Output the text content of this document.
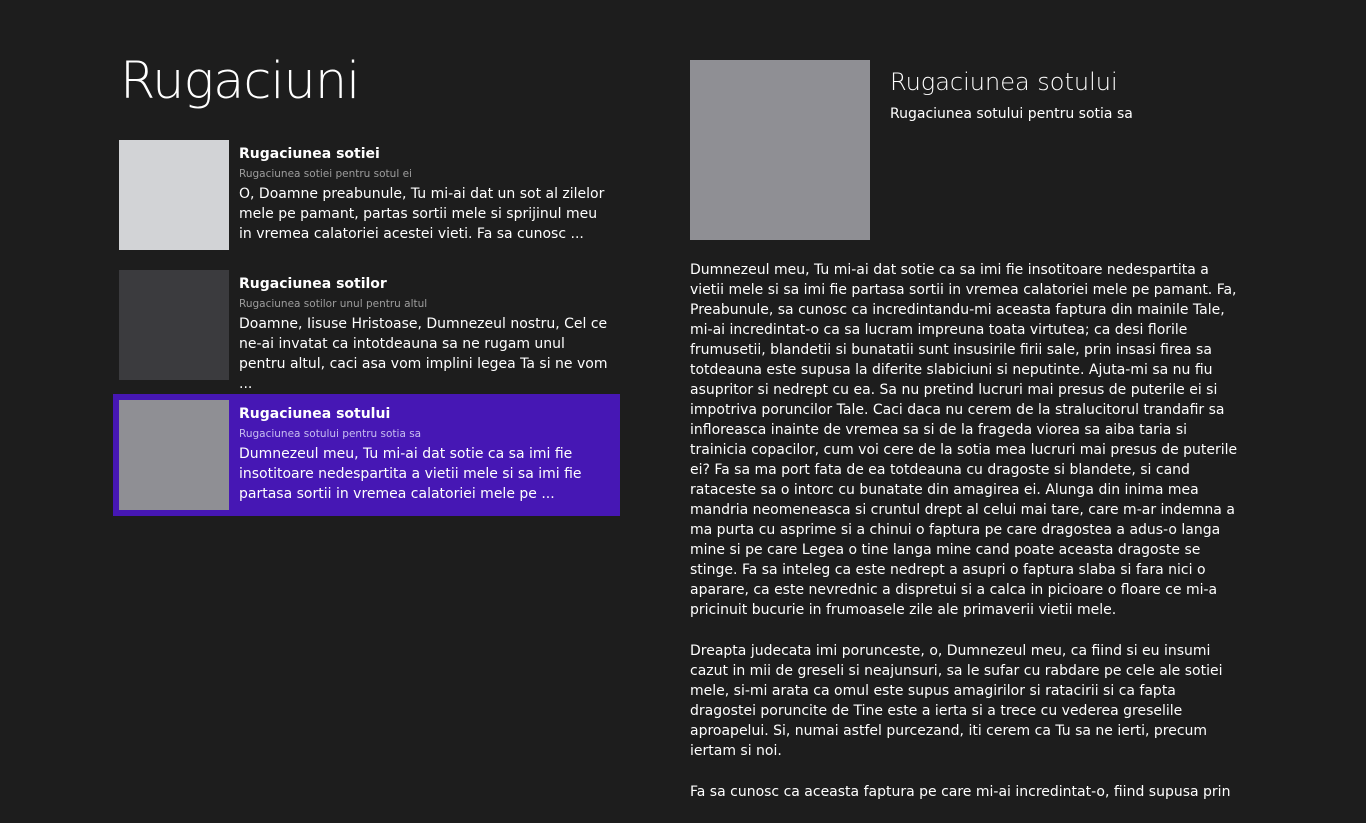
Rugaciuni
Rugaciunea sotiei
Rugaciunea sotiei pentru sotul ei
O, Doamne preabunule, Tu mi-ai dat un sot al zilelor mele pe pamant, partas sortii mele si sprijinul meu in vremea calatoriei acestei vieti. Fa sa cunosc ...
Rugaciunea sotilor
Rugaciunea sotilor unul pentru altul
Doamne, Iisuse Hristoase, Dumnezeul nostru, Cel ce ne-ai invatat ca intotdeauna sa ne rugam unul pentru altul, caci asa vom implini legea Ta si ne vom ...
Rugaciunea sotului
Rugaciunea sotului pentru sotia sa
Dumnezeul meu, Tu mi-ai dat sotie ca sa imi fie insotitoare nedespartita a vietii mele si sa imi fie partasa sortii in vremea calatoriei mele pe ...
Rugaciunea sotului
Rugaciunea sotului pentru sotia sa

Dumnezeul meu, Tu mi-ai dat sotie ca sa imi fie insotitoare nedespartita a vietii mele si sa imi fie partasa sortii in vremea calatoriei mele pe pamant. Fa, Preabunule, sa cunosc ca incredintandu-mi aceasta faptura din mainile Tale, mi-ai incredintat-o ca sa lucram impreuna toata virtutea; ca desi florile frumusetii, blandetii si bunatatii sunt insusirile firii sale, prin insasi firea sa totdeauna este supusa la diferite slabiciuni si neputinte. Ajuta-mi sa nu fiu asupritor si nedrept cu ea. Sa nu pretind lucruri mai presus de puterile ei si impotriva poruncilor Tale. Caci daca nu cerem de la stralucitorul trandafir sa infloreasca inainte de vremea sa si de la frageda viorea sa aiba taria si trainicia copacilor, cum voi cere de la sotia mea lucruri mai presus de puterile ei? Fa sa ma port fata de ea totdeauna cu dragoste si blandete, si cand rataceste sa o intorc cu bunatate din amagirea ei. Alunga din inima mea mandria neomeneasca si cruntul drept al celui mai tare, care m-ar indemna a ma purta cu asprime si a chinui o faptura pe care dragostea a adus-o langa mine si pe care Legea o tine langa mine cand poate aceasta dragoste se stinge. Fa sa inteleg ca este nedrept a asupri o faptura slaba si fara nici o aparare, ca este nevrednic a dispretui si a calca in picioare o floare ce mi-a pricinuit bucurie in frumoasele zile ale primaverii vietii mele.

Dreapta judecata imi porunceste, o, Dumnezeul meu, ca fiind si eu insumi cazut in mii de greseli si neajunsuri, sa le sufar cu rabdare pe cele ale sotiei mele, si-mi arata ca omul este supus amagirilor si ratacirii si ca fapta dragostei poruncite de Tine este a ierta si a trece cu vederea greselile aproapelui. Si, numai astfel purcezand, iti cerem ca Tu sa ne ierti, precum iertam si noi.

Fa sa cunosc ca aceasta faptura pe care mi-ai incredintat-o, fiind supusa prin
